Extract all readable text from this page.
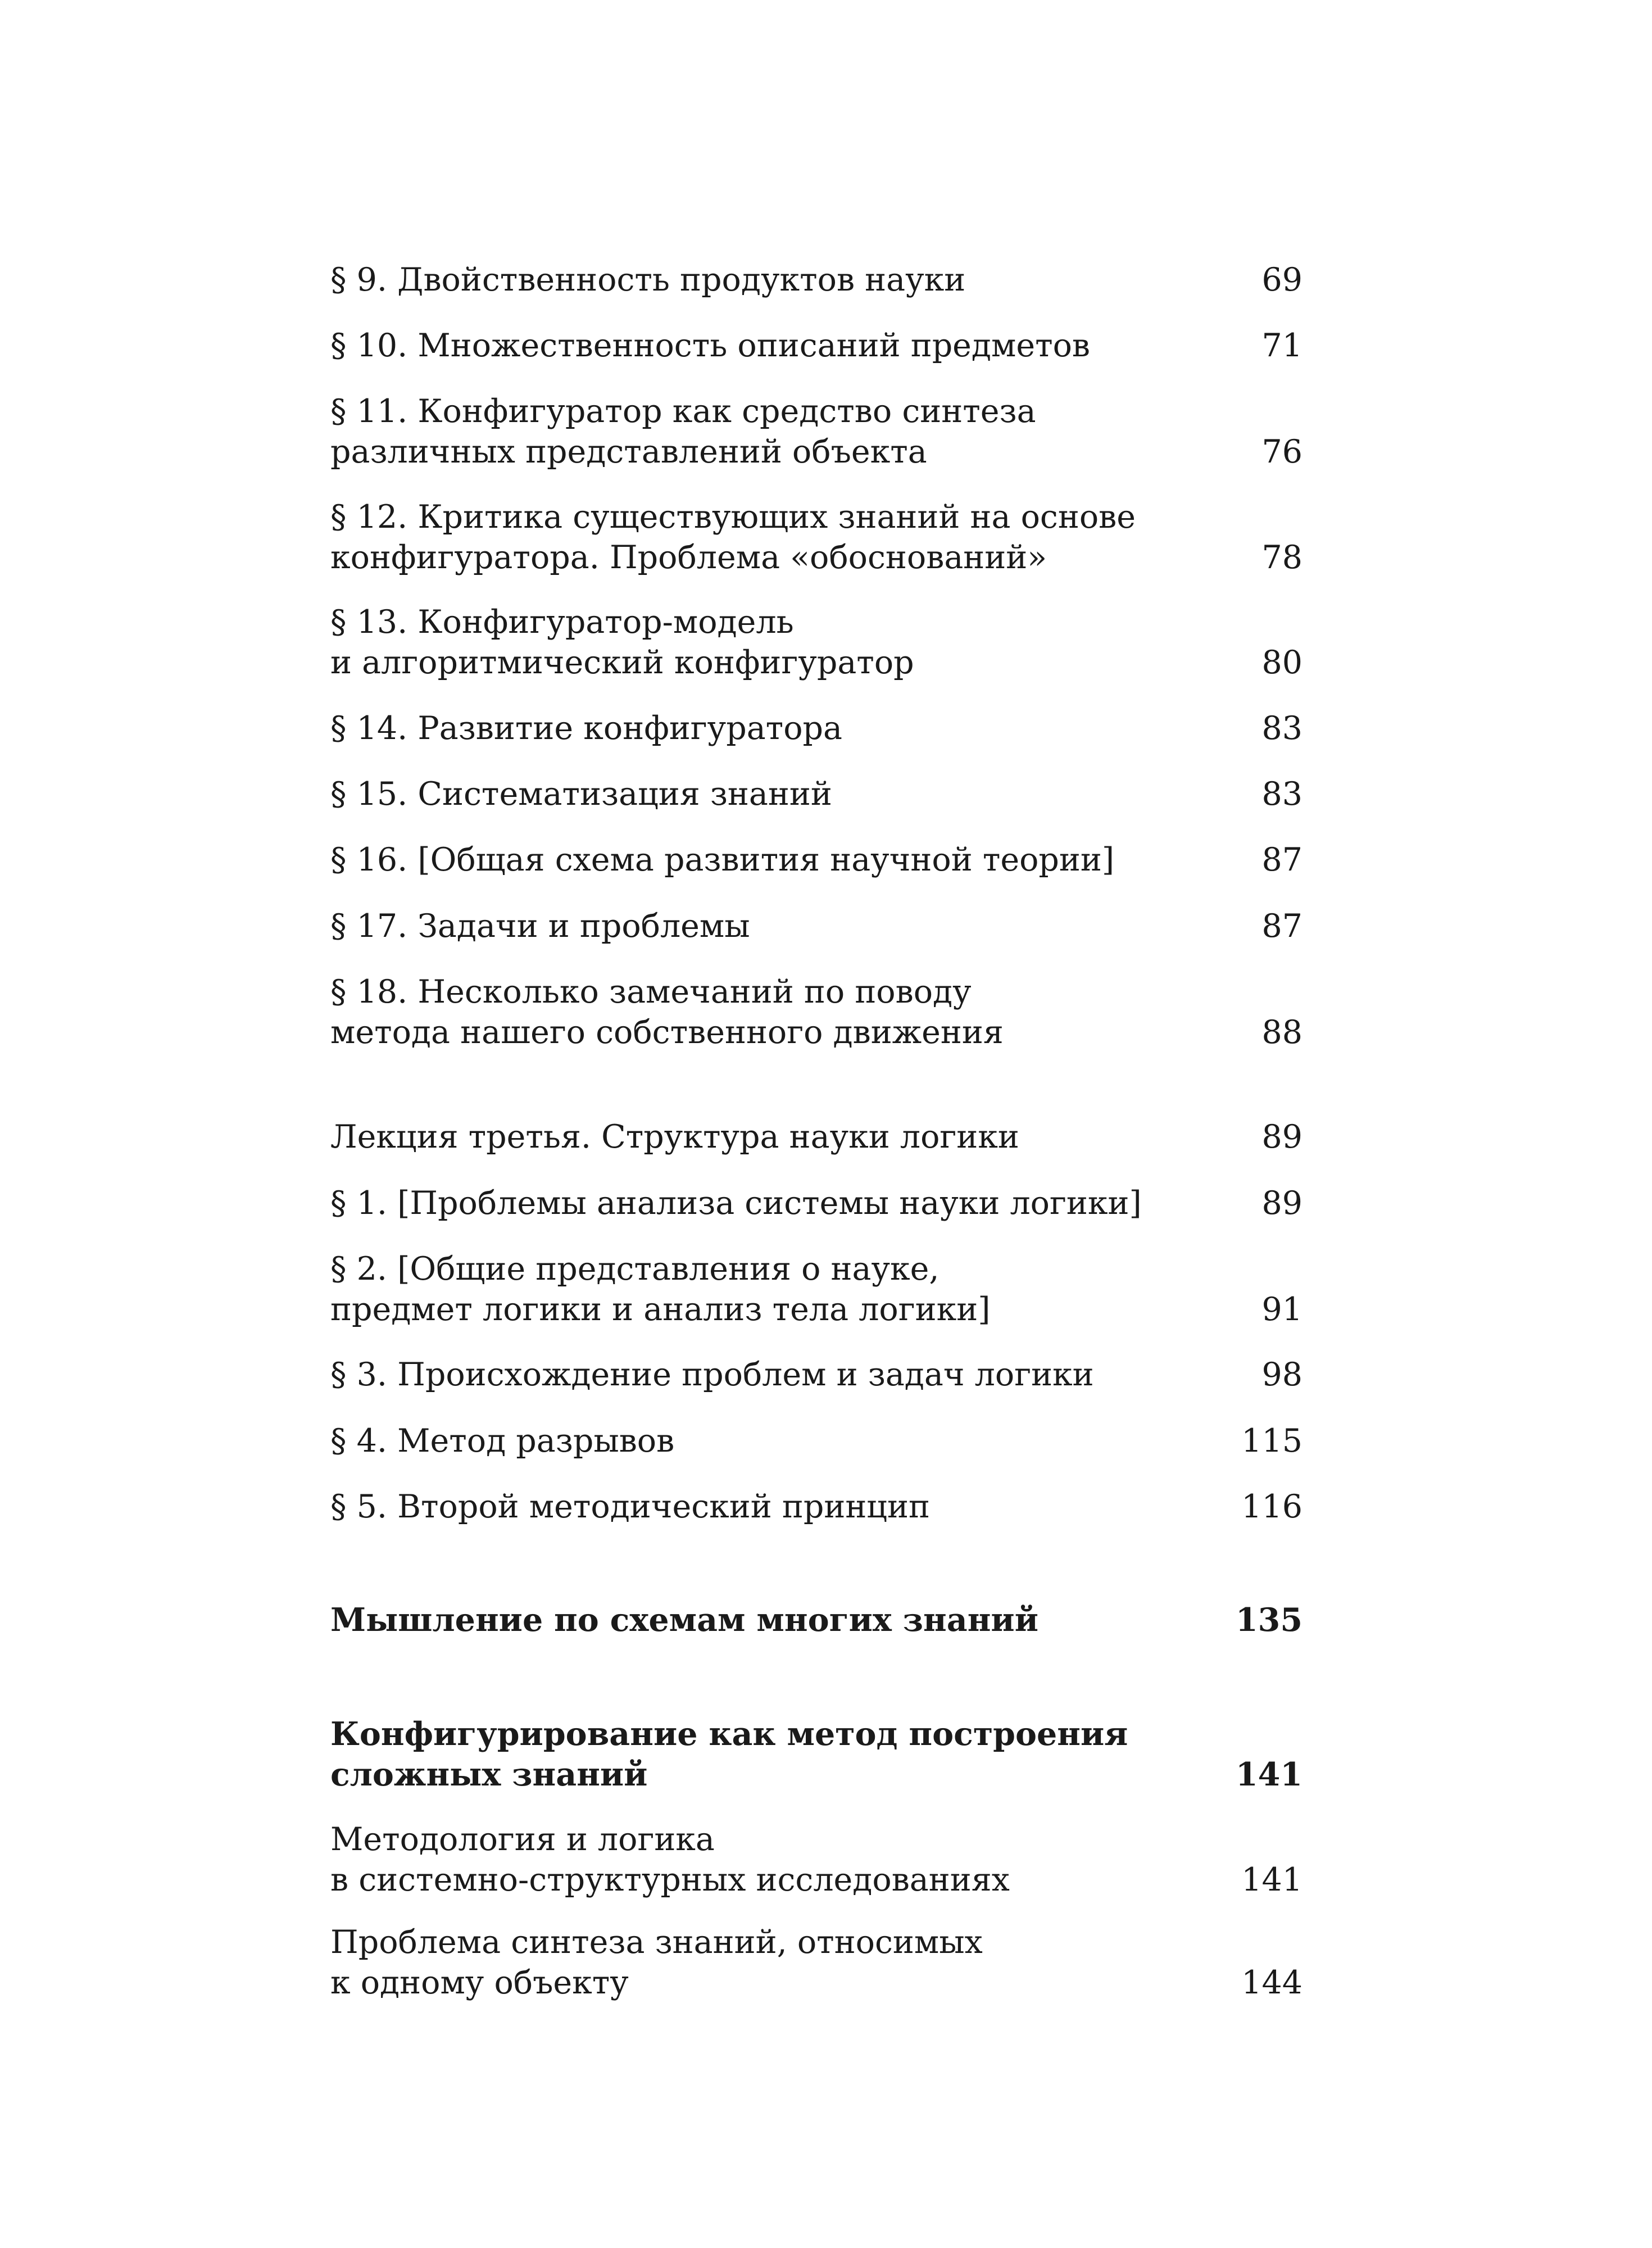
§ 9. Двойственность продуктов науки	69
§ 10. Множественность описаний предметов	71
§ 11. Конфигуратор как средство синтеза
различных представлений объекта	76
§ 12. Критика существующих знаний на основе
конфигуратора. Проблема «обоснований»	78
§ 13. Конфигуратор-модель
и алгоритмический конфигуратор	80
§ 14. Развитие конфигуратора	83
§ 15. Систематизация знаний	83
§ 16. [Общая схема развития научной теории]	87
§ 17. Задачи и проблемы	87
§ 18. Несколько замечаний по поводу
метода нашего собственного движения	88
Лекция третья. Структура науки логики	89
§ 1. [Проблемы анализа системы науки логики]	89
§ 2. [Общие представления о науке,
предмет логики и анализ тела логики]	91
§ 3. Происхождение проблем и задач логики	98
§ 4. Метод разрывов	115
§ 5. Второй методический принцип	116
Мышление по схемам многих знаний	135
Конфигурирование как метод построения
сложных знаний	141
Методология и логика
в системно-структурных исследованиях	141
Проблема синтеза знаний, относимых
к одному объекту	144
